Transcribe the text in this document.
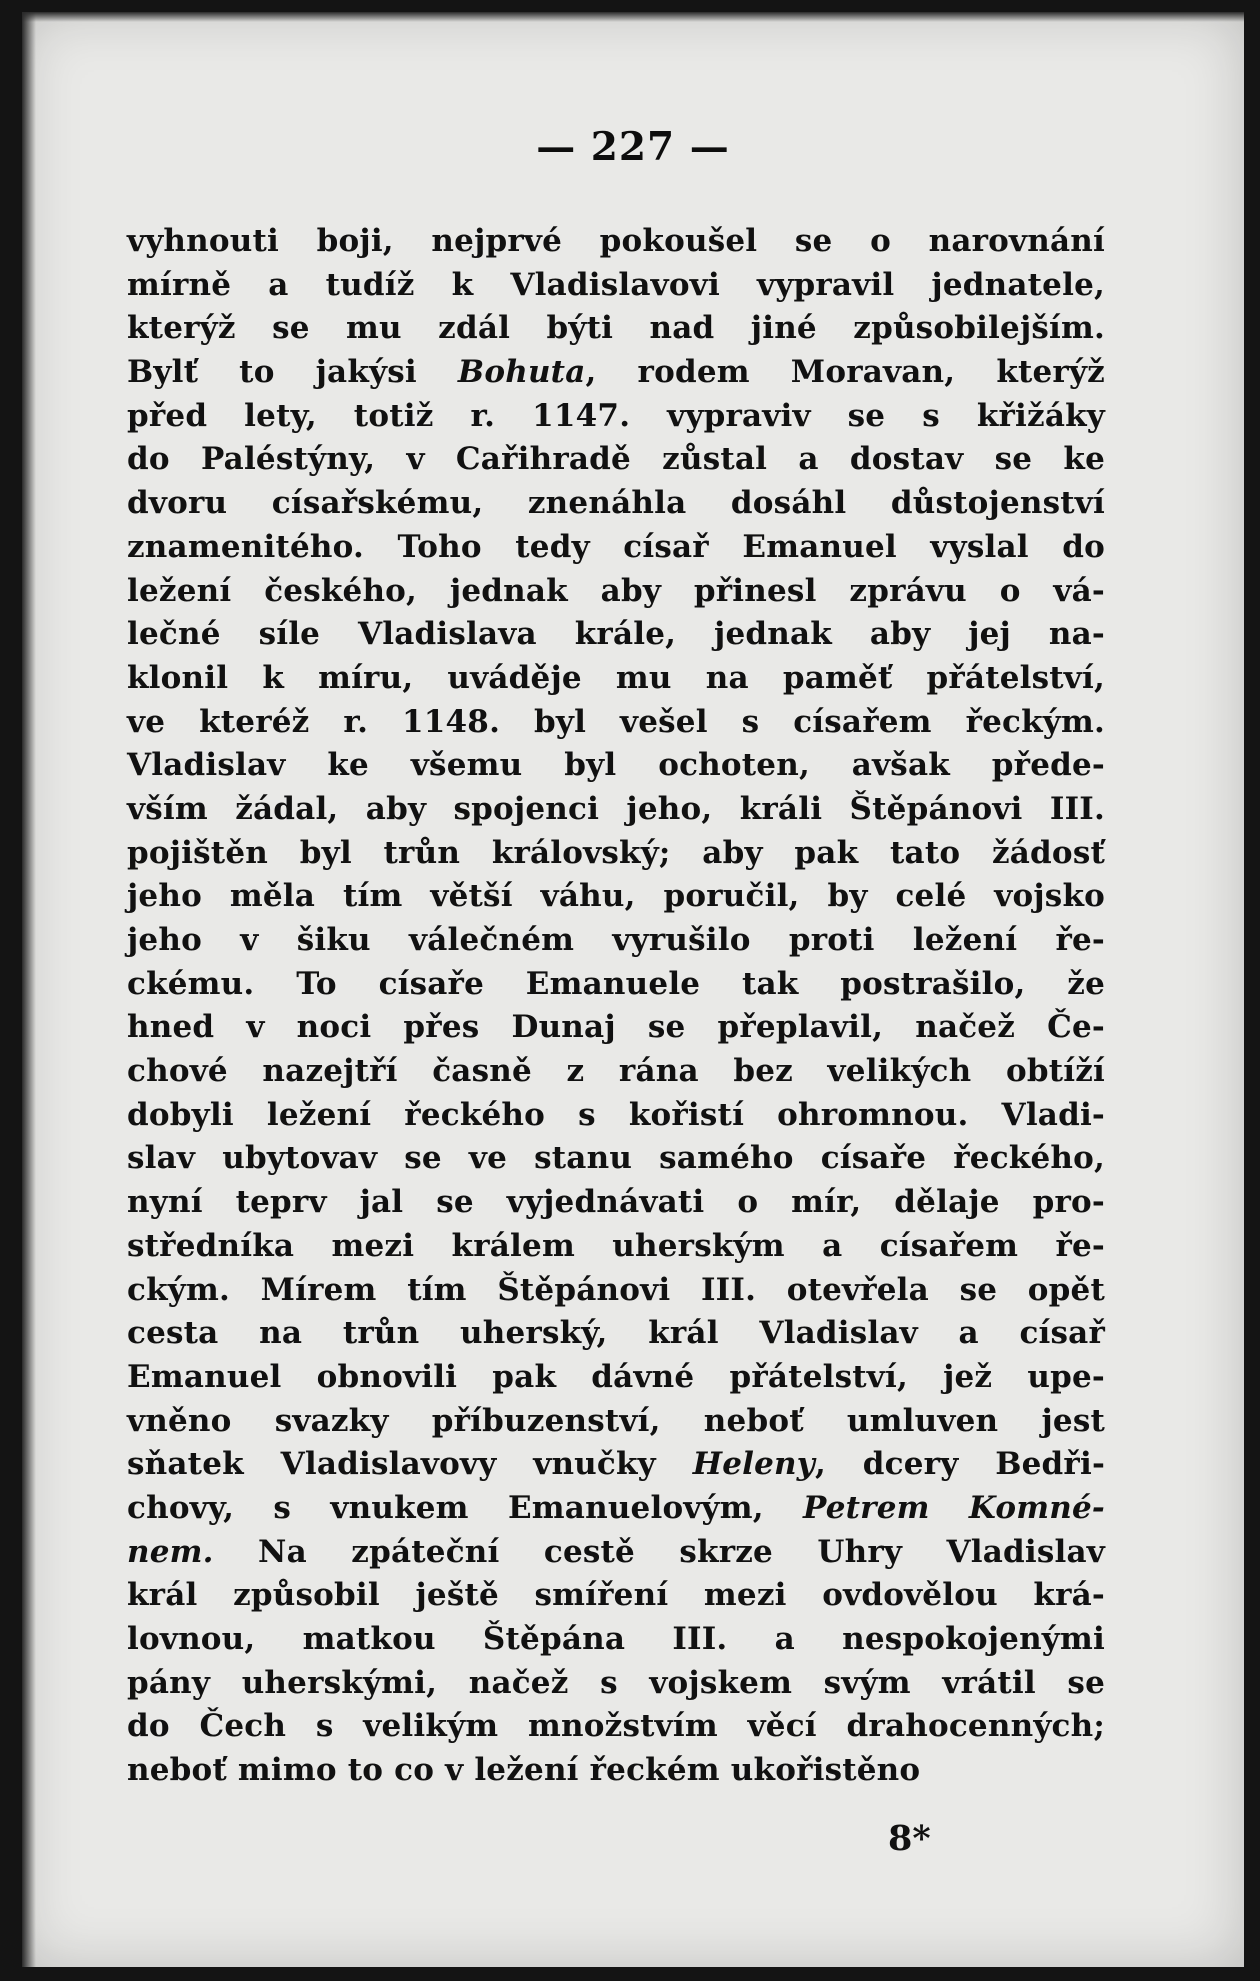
— 227 —
vyhnouti boji, nejprvé pokoušel se o narovnání
mírně a tudíž k Vladislavovi vypravil jednatele,
kterýž se mu zdál býti nad jiné způsobilejším.
Bylť to jakýsi Bohuta, rodem Moravan, kterýž
před lety, totiž r. 1147. vypraviv se s křižáky
do Paléstýny, v Cařihradě zůstal a dostav se ke
dvoru císařskému, znenáhla dosáhl důstojenství
znamenitého. Toho tedy císař Emanuel vyslal do
ležení českého, jednak aby přinesl zprávu o vá-
lečné síle Vladislava krále, jednak aby jej na-
klonil k míru, uváděje mu na paměť přátelství,
ve kteréž r. 1148. byl vešel s císařem řeckým.
Vladislav ke všemu byl ochoten, avšak přede-
vším žádal, aby spojenci jeho, králi Štěpánovi III.
pojištěn byl trůn královský; aby pak tato žádosť
jeho měla tím větší váhu, poručil, by celé vojsko
jeho v šiku válečném vyrušilo proti ležení ře-
ckému. To císaře Emanuele tak postrašilo, že
hned v noci přes Dunaj se přeplavil, načež Če-
chové nazejtří časně z rána bez velikých obtíží
dobyli ležení řeckého s kořistí ohromnou. Vladi-
slav ubytovav se ve stanu samého císaře řeckého,
nyní teprv jal se vyjednávati o mír, dělaje pro-
středníka mezi králem uherským a císařem ře-
ckým. Mírem tím Štěpánovi III. otevřela se opět
cesta na trůn uherský, král Vladislav a císař
Emanuel obnovili pak dávné přátelství, jež upe-
vněno svazky příbuzenství, neboť umluven jest
sňatek Vladislavovy vnučky Heleny, dcery Bedři-
chovy, s vnukem Emanuelovým, Petrem Komné-
nem. Na zpáteční cestě skrze Uhry Vladislav
král způsobil ještě smíření mezi ovdovělou krá-
lovnou, matkou Štěpána III. a nespokojenými
pány uherskými, načež s vojskem svým vrátil se
do Čech s velikým množstvím věcí drahocenných;
neboť mimo to co v ležení řeckém ukořistěno
8*
